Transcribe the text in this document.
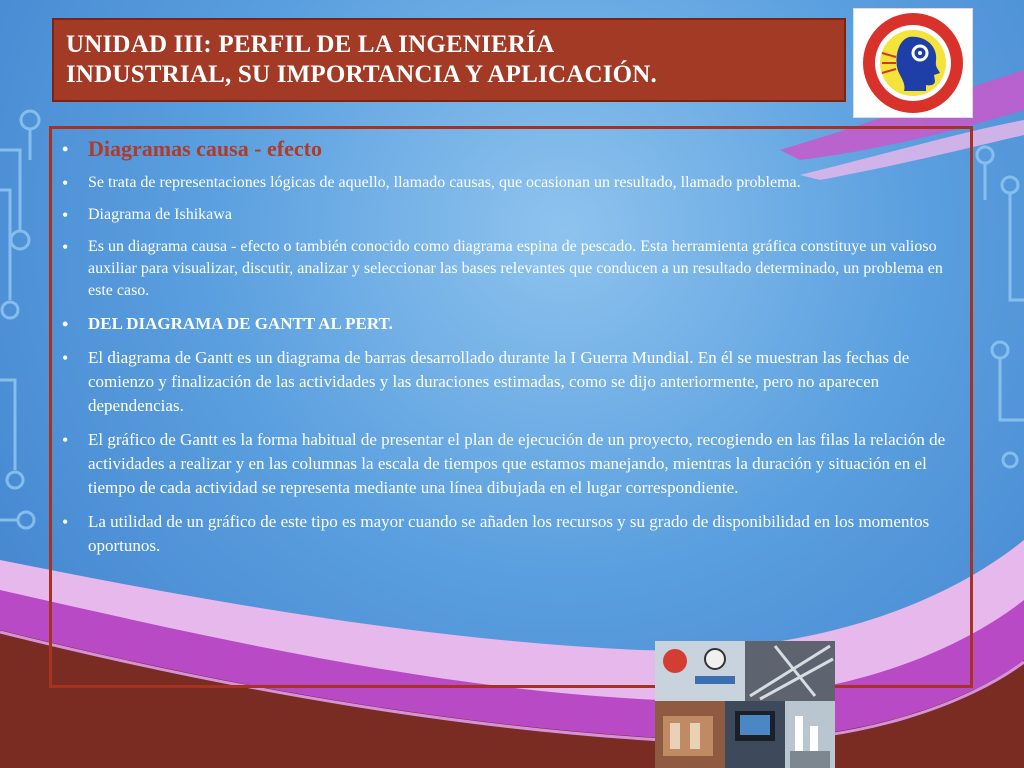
UNIDAD III: PERFIL DE LA INGENIERÍA
INDUSTRIAL, SU IMPORTANCIA Y APLICACIÓN.

• Diagramas causa - efecto
• Se trata de representaciones lógicas de aquello, llamado causas, que ocasionan un resultado, llamado problema.
• Diagrama de Ishikawa
• Es un diagrama causa - efecto o también conocido como diagrama espina de pescado. Esta herramienta gráfica constituye un valioso auxiliar para visualizar, discutir, analizar y seleccionar las bases relevantes que conducen a un resultado determinado, un problema en este caso.
• DEL DIAGRAMA DE GANTT AL PERT.
• El diagrama de Gantt es un diagrama de barras desarrollado durante la I Guerra Mundial. En él se muestran las fechas de comienzo y finalización de las actividades y las duraciones estimadas, como se dijo anteriormente, pero no aparecen dependencias.
• El gráfico de Gantt es la forma habitual de presentar el plan de ejecución de un proyecto, recogiendo en las filas la relación de actividades a realizar y en las columnas la escala de tiempos que estamos manejando, mientras la duración y situación en el tiempo de cada actividad se representa mediante una línea dibujada en el lugar correspondiente.
• La utilidad de un gráfico de este tipo es mayor cuando se añaden los recursos y su grado de disponibilidad en los momentos oportunos.
